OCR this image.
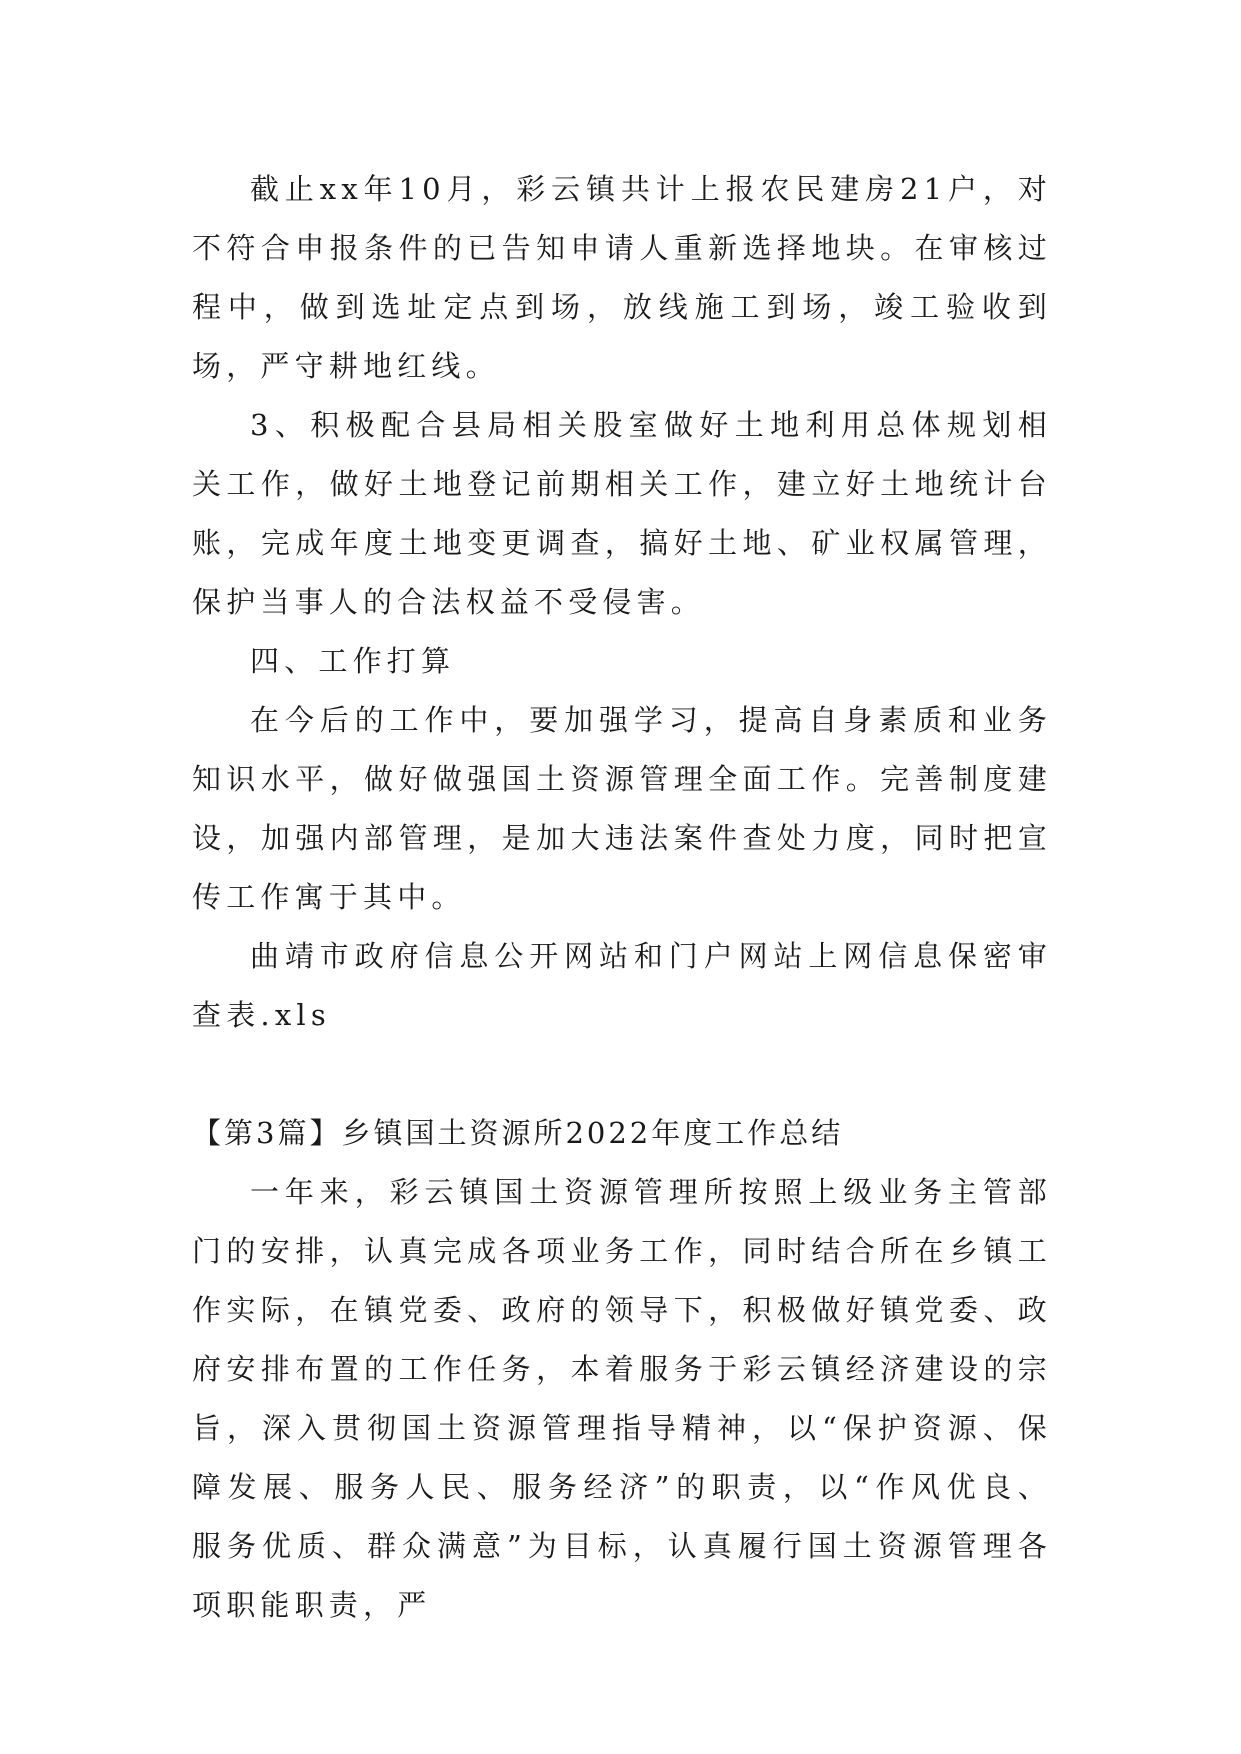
截止xx年10月，彩云镇共计上报农民建房21户，对不符合申报条件的已告知申请人重新选择地块。在审核过程中，做到选址定点到场，放线施工到场，竣工验收到场，严守耕地红线。

3、积极配合县局相关股室做好土地利用总体规划相关工作，做好土地登记前期相关工作，建立好土地统计台账，完成年度土地变更调查，搞好土地、矿业权属管理，保护当事人的合法权益不受侵害。

四、工作打算

在今后的工作中，要加强学习，提高自身素质和业务知识水平，做好做强国土资源管理全面工作。完善制度建设，加强内部管理，是加大违法案件查处力度，同时把宣传工作寓于其中。

曲靖市政府信息公开网站和门户网站上网信息保密审查表.xls

【第3篇】乡镇国土资源所2022年度工作总结

一年来，彩云镇国土资源管理所按照上级业务主管部门的安排，认真完成各项业务工作，同时结合所在乡镇工作实际，在镇党委、政府的领导下，积极做好镇党委、政府安排布置的工作任务，本着服务于彩云镇经济建设的宗旨，深入贯彻国土资源管理指导精神，以“保护资源、保障发展、服务人民、服务经济”的职责，以“作风优良、服务优质、群众满意”为目标，认真履行国土资源管理各项职能职责，严
